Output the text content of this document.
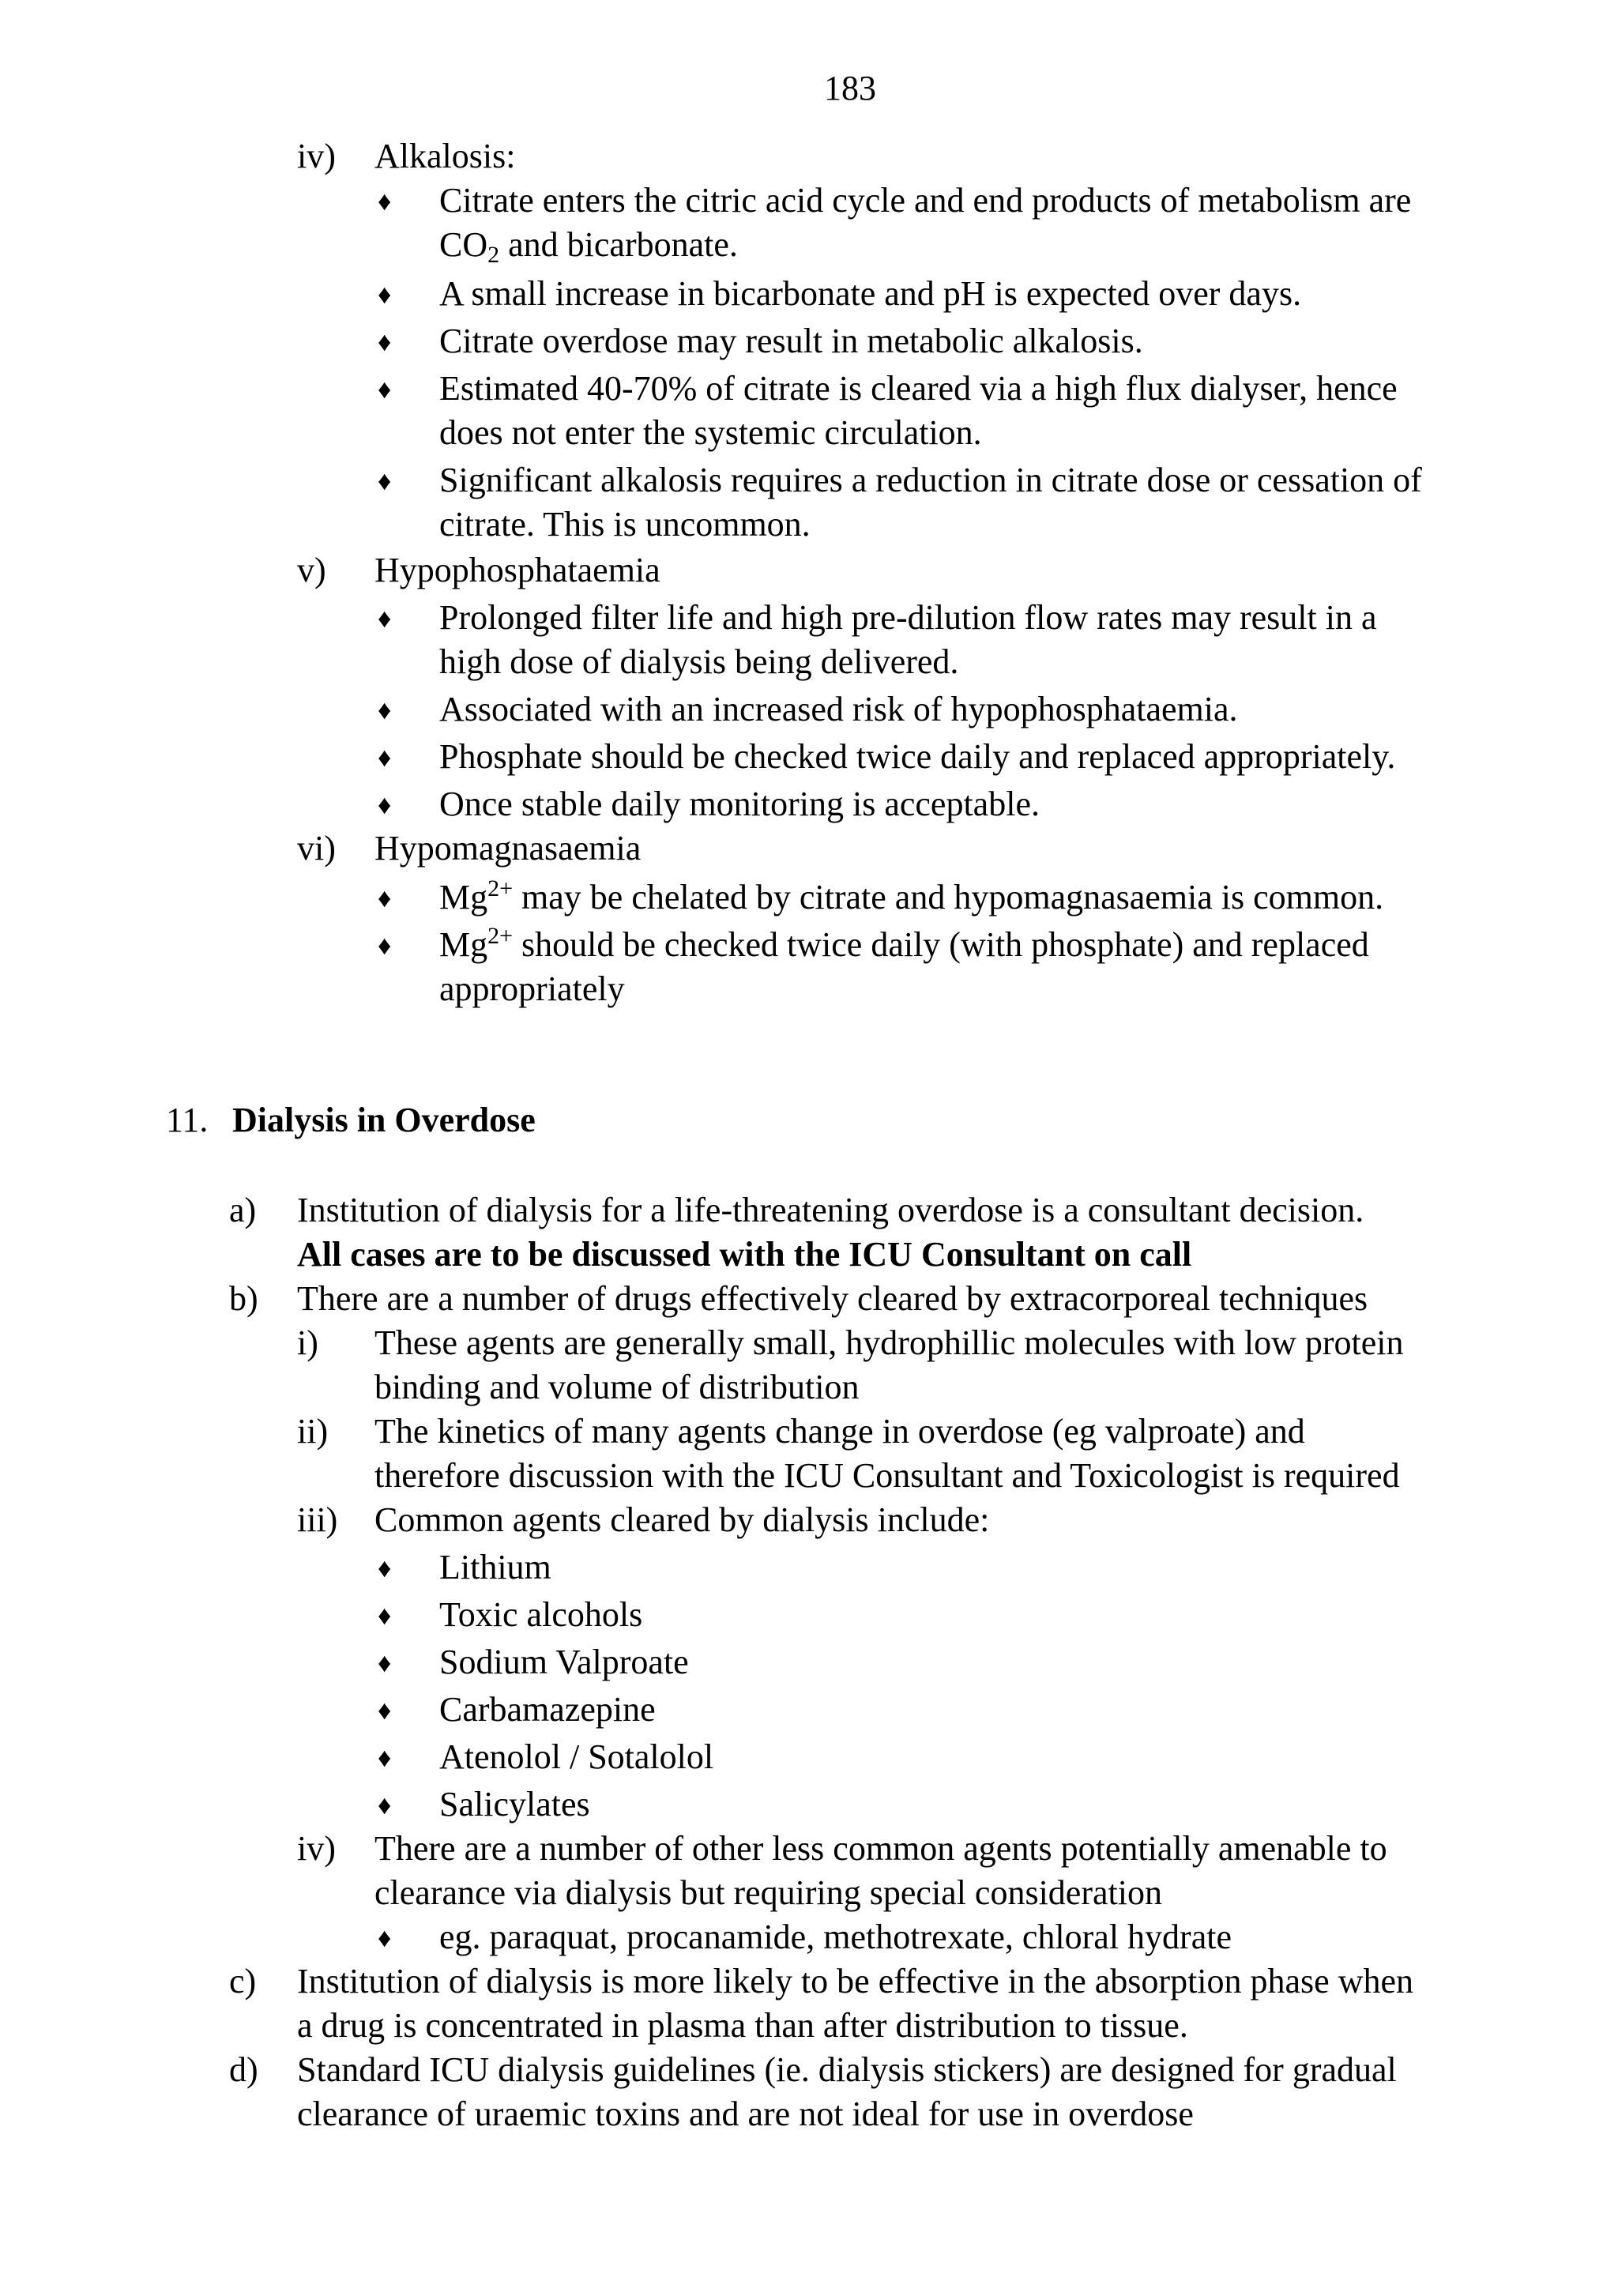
183
iv) Alkalosis:
♦ Citrate enters the citric acid cycle and end products of metabolism are
$CO_2$ and bicarbonate.
♦ A small increase in bicarbonate and pH is expected over days.
♦ Citrate overdose may result in metabolic alkalosis.
♦ Estimated 40-70% of citrate is cleared via a high flux dialyser, hence
does not enter the systemic circulation.
♦ Significant alkalosis requires a reduction in citrate dose or cessation of
citrate. This is uncommon.
v) Hypophosphataemia
♦ Prolonged filter life and high pre-dilution flow rates may result in a
high dose of dialysis being delivered.
♦ Associated with an increased risk of hypophosphataemia.
♦ Phosphate should be checked twice daily and replaced appropriately.
♦ Once stable daily monitoring is acceptable.
vi) Hypomagnasaemia
♦ $Mg^{2+}$ may be chelated by citrate and hypomagnasaemia is common.
♦ $Mg^{2+}$ should be checked twice daily (with phosphate) and replaced
appropriately
11. Dialysis in Overdose
a) Institution of dialysis for a life-threatening overdose is a consultant decision.
All cases are to be discussed with the ICU Consultant on call
b) There are a number of drugs effectively cleared by extracorporeal techniques
i) These agents are generally small, hydrophillic molecules with low protein
binding and volume of distribution
ii) The kinetics of many agents change in overdose (eg valproate) and
therefore discussion with the ICU Consultant and Toxicologist is required
iii) Common agents cleared by dialysis include:
♦ Lithium
♦ Toxic alcohols
♦ Sodium Valproate
♦ Carbamazepine
♦ Atenolol / Sotalolol
♦ Salicylates
iv) There are a number of other less common agents potentially amenable to
clearance via dialysis but requiring special consideration
♦ eg. paraquat, procanamide, methotrexate, chloral hydrate
c) Institution of dialysis is more likely to be effective in the absorption phase when
a drug is concentrated in plasma than after distribution to tissue.
d) Standard ICU dialysis guidelines (ie. dialysis stickers) are designed for gradual
clearance of uraemic toxins and are not ideal for use in overdose
